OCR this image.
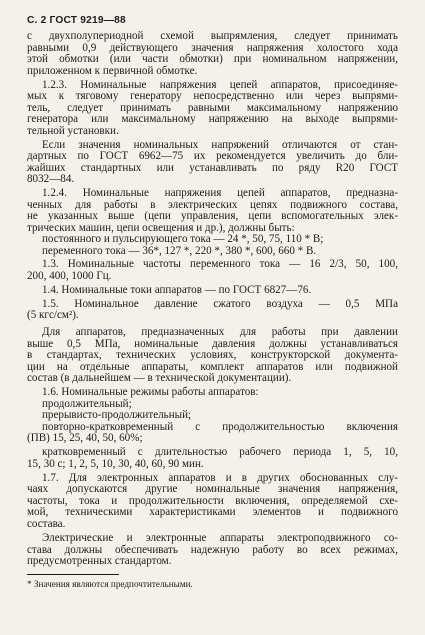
С. 2 ГОСТ 9219—88
с двухполупериодной схемой выпрямления, следует принимать
равными 0,9 действующего значения напряжения холостого хода
этой обмотки (или части обмотки) при номинальном напряжении,
приложенном к первичной обмотке.
1.2.3. Номинальные напряжения цепей аппаратов, присоединяе-
мых к тяговому генератору непосредственно или через выпрями-
тель, следует принимать равными максимальному напряжению
генератора или максимальному напряжению на выходе выпрями-
тельной установки.
Если значения номинальных напряжений отличаются от стан-
дартных по ГОСТ 6962—75 их рекомендуется увеличить до бли-
жайших стандартных или устанавливать по ряду R20 ГОСТ
8032—84.
1.2.4. Номинальные напряжения цепей аппаратов, предназна-
ченных для работы в электрических цепях подвижного состава,
не указанных выше (цепи управления, цепи вспомогательных элек-
трических машин, цепи освещения и др.), должны быть:
постоянного и пульсирующего тока — 24 *, 50, 75, 110 * В;
переменного тока — 36*, 127 *, 220 *, 380 *, 600, 660 * В.
1.3. Номинальные частоты переменного тока — 16 2/3, 50, 100,
200, 400, 1000 Гц.
1.4. Номинальные токи аппаратов — по ГОСТ 6827—76.
1.5. Номинальное давление сжатого воздуха — 0,5 МПа
(5 кгс/см²).
Для аппаратов, предназначенных для работы при давлении
выше 0,5 МПа, номинальные давления должны устанавливаться
в стандартах, технических условиях, конструкторской документа-
ции на отдельные аппараты, комплект аппаратов или подвижной
состав (в дальнейшем — в технической документации).
1.6. Номинальные режимы работы аппаратов:
продолжительный;
прерывисто-продолжительный;
повторно-кратковременный с продолжительностью включения
(ПВ) 15, 25, 40, 50, 60%;
кратковременный с длительностью рабочего периода 1, 5, 10,
15, 30 с; 1, 2, 5, 10, 30, 40, 60, 90 мин.
1.7. Для электронных аппаратов и в других обоснованных слу-
чаях допускаются другие номинальные значения напряжения,
частоты, тока и продолжительности включения, определяемой схе-
мой, техническими характеристиками элементов и подвижного
состава.
Электрические и электронные аппараты электроподвижного со-
става должны обеспечивать надежную работу во всех режимах,
предусмотренных стандартом.
* Значения являются предпочтительными.
